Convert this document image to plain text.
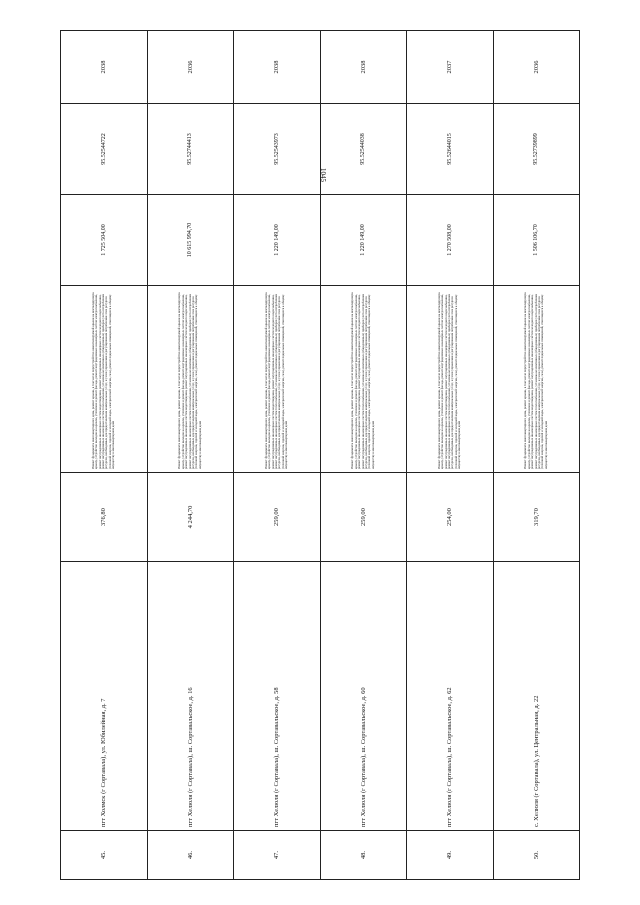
1045
45.	пгт Холмск (г Сортавала), ул. Юбилейная, д. 7	376,80	Ремонт фундамента многоквартирного дома, ремонт крыши, в том числе переустройство невентилируемой крыши на вентилируемую крышу, устройство выходов на кровлю, утепление и ремонт фасада, ремонт внутридомовых инженерных систем электроснабжения, ремонт внутридомовых инженерных систем водоотведения, ремонт внутридомовых инженерных систем холодного водоснабжения, ремонт внутридомовых инженерных систем теплоснабжения, установка коллективных (общедомовых) приборов учета потребления ресурсов, необходимых для предоставления коммунальных услуг, и узлов управления и регулирования потребления этих ресурсов (тепловой энергии, горячей и холодной воды, электрической энергии, газа), ремонт подвальных помещений, относящихся к общему имуществу в многоквартирном доме	1 725 504,00	95.52544722	2038
46.	пгт Хелюля (г Сортавала), ш. Сортавальское, д. 16	4 244,70	Ремонт фундамента многоквартирного дома, ремонт крыши, в том числе переустройство невентилируемой крыши на вентилируемую крышу, устройство выходов на кровлю, утепление и ремонт фасада, ремонт внутридомовых инженерных систем электроснабжения, ремонт внутридомовых инженерных систем водоотведения, ремонт внутридомовых инженерных систем холодного водоснабжения, ремонт внутридомовых инженерных систем теплоснабжения, установка коллективных (общедомовых) приборов учета потребления ресурсов, необходимых для предоставления коммунальных услуг, и узлов управления и регулирования потребления этих ресурсов (тепловой энергии, горячей и холодной воды, электрической энергии, газа), ремонт подвальных помещений, относящихся к общему имуществу в многоквартирном доме	10 615 994,70	95.52744413	2036
47.	пгт Хелюля (г Сортавала), ш. Сортавальское, д. 58	259,00	Ремонт фундамента многоквартирного дома, ремонт крыши, в том числе переустройство невентилируемой крыши на вентилируемую крышу, устройство выходов на кровлю, утепление и ремонт фасада, ремонт внутридомовых инженерных систем электроснабжения, ремонт внутридомовых инженерных систем водоотведения, ремонт внутридомовых инженерных систем холодного водоснабжения, ремонт внутридомовых инженерных систем теплоснабжения, установка коллективных (общедомовых) приборов учета потребления ресурсов, необходимых для предоставления коммунальных услуг, и узлов управления и регулирования потребления этих ресурсов (тепловой энергии, горячей и холодной воды, электрической энергии, газа), ремонт подвальных помещений, относящихся к общему имуществу в многоквартирном доме	1 220 149,00	95.52543973	2038
48.	пгт Хелюля (г Сортавала), ш. Сортавальское, д. 60	259,00	Ремонт фундамента многоквартирного дома, ремонт крыши, в том числе переустройство невентилируемой крыши на вентилируемую крышу, устройство выходов на кровлю, утепление и ремонт фасада, ремонт внутридомовых инженерных систем электроснабжения, ремонт внутридомовых инженерных систем водоотведения, ремонт внутридомовых инженерных систем холодного водоснабжения, ремонт внутридомовых инженерных систем теплоснабжения, установка коллективных (общедомовых) приборов учета потребления ресурсов, необходимых для предоставления коммунальных услуг, и узлов управления и регулирования потребления этих ресурсов (тепловой энергии, горячей и холодной воды, электрической энергии, газа), ремонт подвальных помещений, относящихся к общему имуществу в многоквартирном доме	1 220 149,00	95.52544038	2038
49.	пгт Хелюля (г Сортавала), ш. Сортавальское, д. 62	254,00	Ремонт фундамента многоквартирного дома, ремонт крыши, в том числе переустройство невентилируемой крыши на вентилируемую крышу, устройство выходов на кровлю, утепление и ремонт фасада, ремонт внутридомовых инженерных систем электроснабжения, ремонт внутридомовых инженерных систем водоотведения, ремонт внутридомовых инженерных систем холодного водоснабжения, ремонт внутридомовых инженерных систем теплоснабжения, установка коллективных (общедомовых) приборов учета потребления ресурсов, необходимых для предоставления коммунальных услуг, и узлов управления и регулирования потребления этих ресурсов (тепловой энергии, горячей и холодной воды, электрической энергии, газа), ремонт подвальных помещений, относящихся к общему имуществу в многоквартирном доме	1 270 508,00	95.52644015	2037
50.	с. Хелюля (г Сортавала), ул. Центральная, д. 22	319,70	Ремонт фундамента многоквартирного дома, ремонт крыши, в том числе переустройство невентилируемой крыши на вентилируемую крышу, устройство выходов на кровлю, утепление и ремонт фасада, ремонт внутридомовых инженерных систем электроснабжения, ремонт внутридомовых инженерных систем водоотведения, ремонт внутридомовых инженерных систем холодного водоснабжения, ремонт внутридомовых инженерных систем теплоснабжения, установка коллективных (общедомовых) приборов учета потребления ресурсов, необходимых для предоставления коммунальных услуг, и узлов управления и регулирования потребления этих ресурсов (тепловой энергии, горячей и холодной воды, электрической энергии, газа), ремонт подвальных помещений, относящихся к общему имуществу в многоквартирном доме	1 506 106,70	95.52739899	2036
